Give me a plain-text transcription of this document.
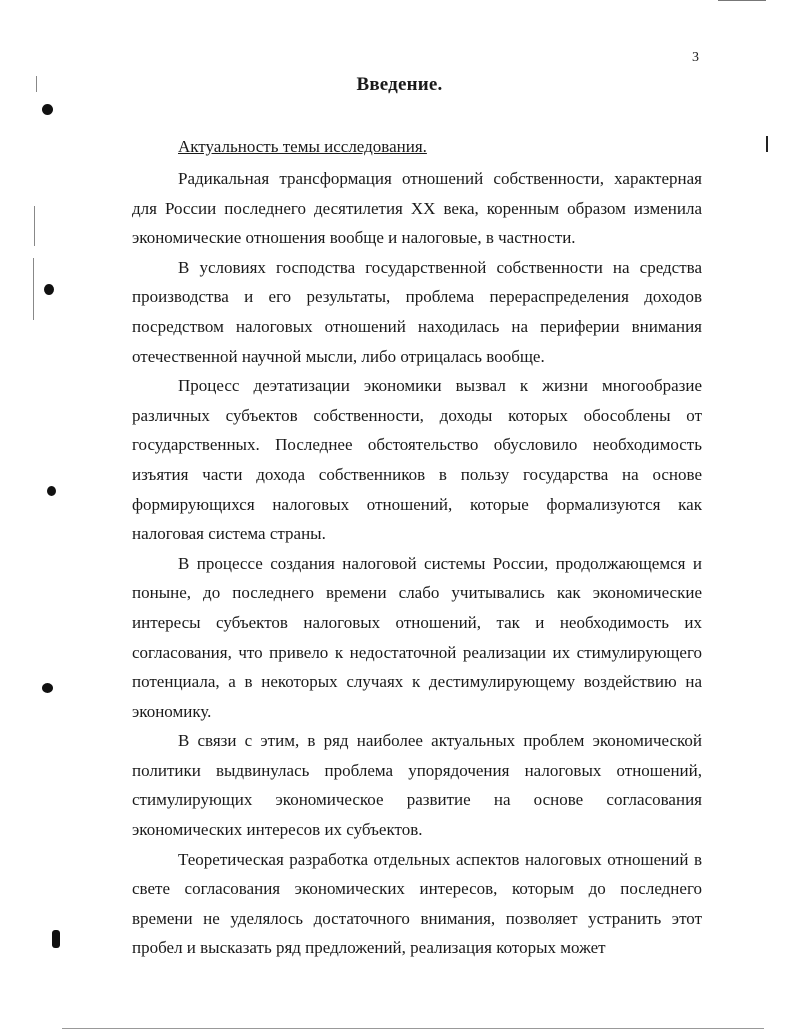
3
Введение.
Актуальность темы исследования.

Радикальная трансформация отношений собственности, характерная для России последнего десятилетия XX века, коренным образом изменила экономические отношения вообще и налоговые, в частности.

В условиях господства государственной собственности на средства производства и его результаты, проблема перераспределения доходов посредством налоговых отношений находилась на периферии внимания отечественной научной мысли, либо отрицалась вообще.

Процесс деэтатизации экономики вызвал к жизни многообразие различных субъектов собственности, доходы которых обособлены от государственных. Последнее обстоятельство обусловило необходимость изъятия части дохода собственников в пользу государства на основе формирующихся налоговых отношений, которые формализуются как налоговая система страны.

В процессе создания налоговой системы России, продолжающемся и поныне, до последнего времени слабо учитывались как экономические интересы субъектов налоговых отношений, так и необходимость их согласования, что привело к недостаточной реализации их стимулирующего потенциала, а в некоторых случаях к дестимулирующему воздействию на экономику.

В связи с этим, в ряд наиболее актуальных проблем экономической политики выдвинулась проблема упорядочения налоговых отношений, стимулирующих экономическое развитие на основе согласования экономических интересов их субъектов.

Теоретическая разработка отдельных аспектов налоговых отношений в свете согласования экономических интересов, которым до последнего времени не уделялось достаточного внимания, позволяет устранить этот пробел и высказать ряд предложений, реализация которых может
